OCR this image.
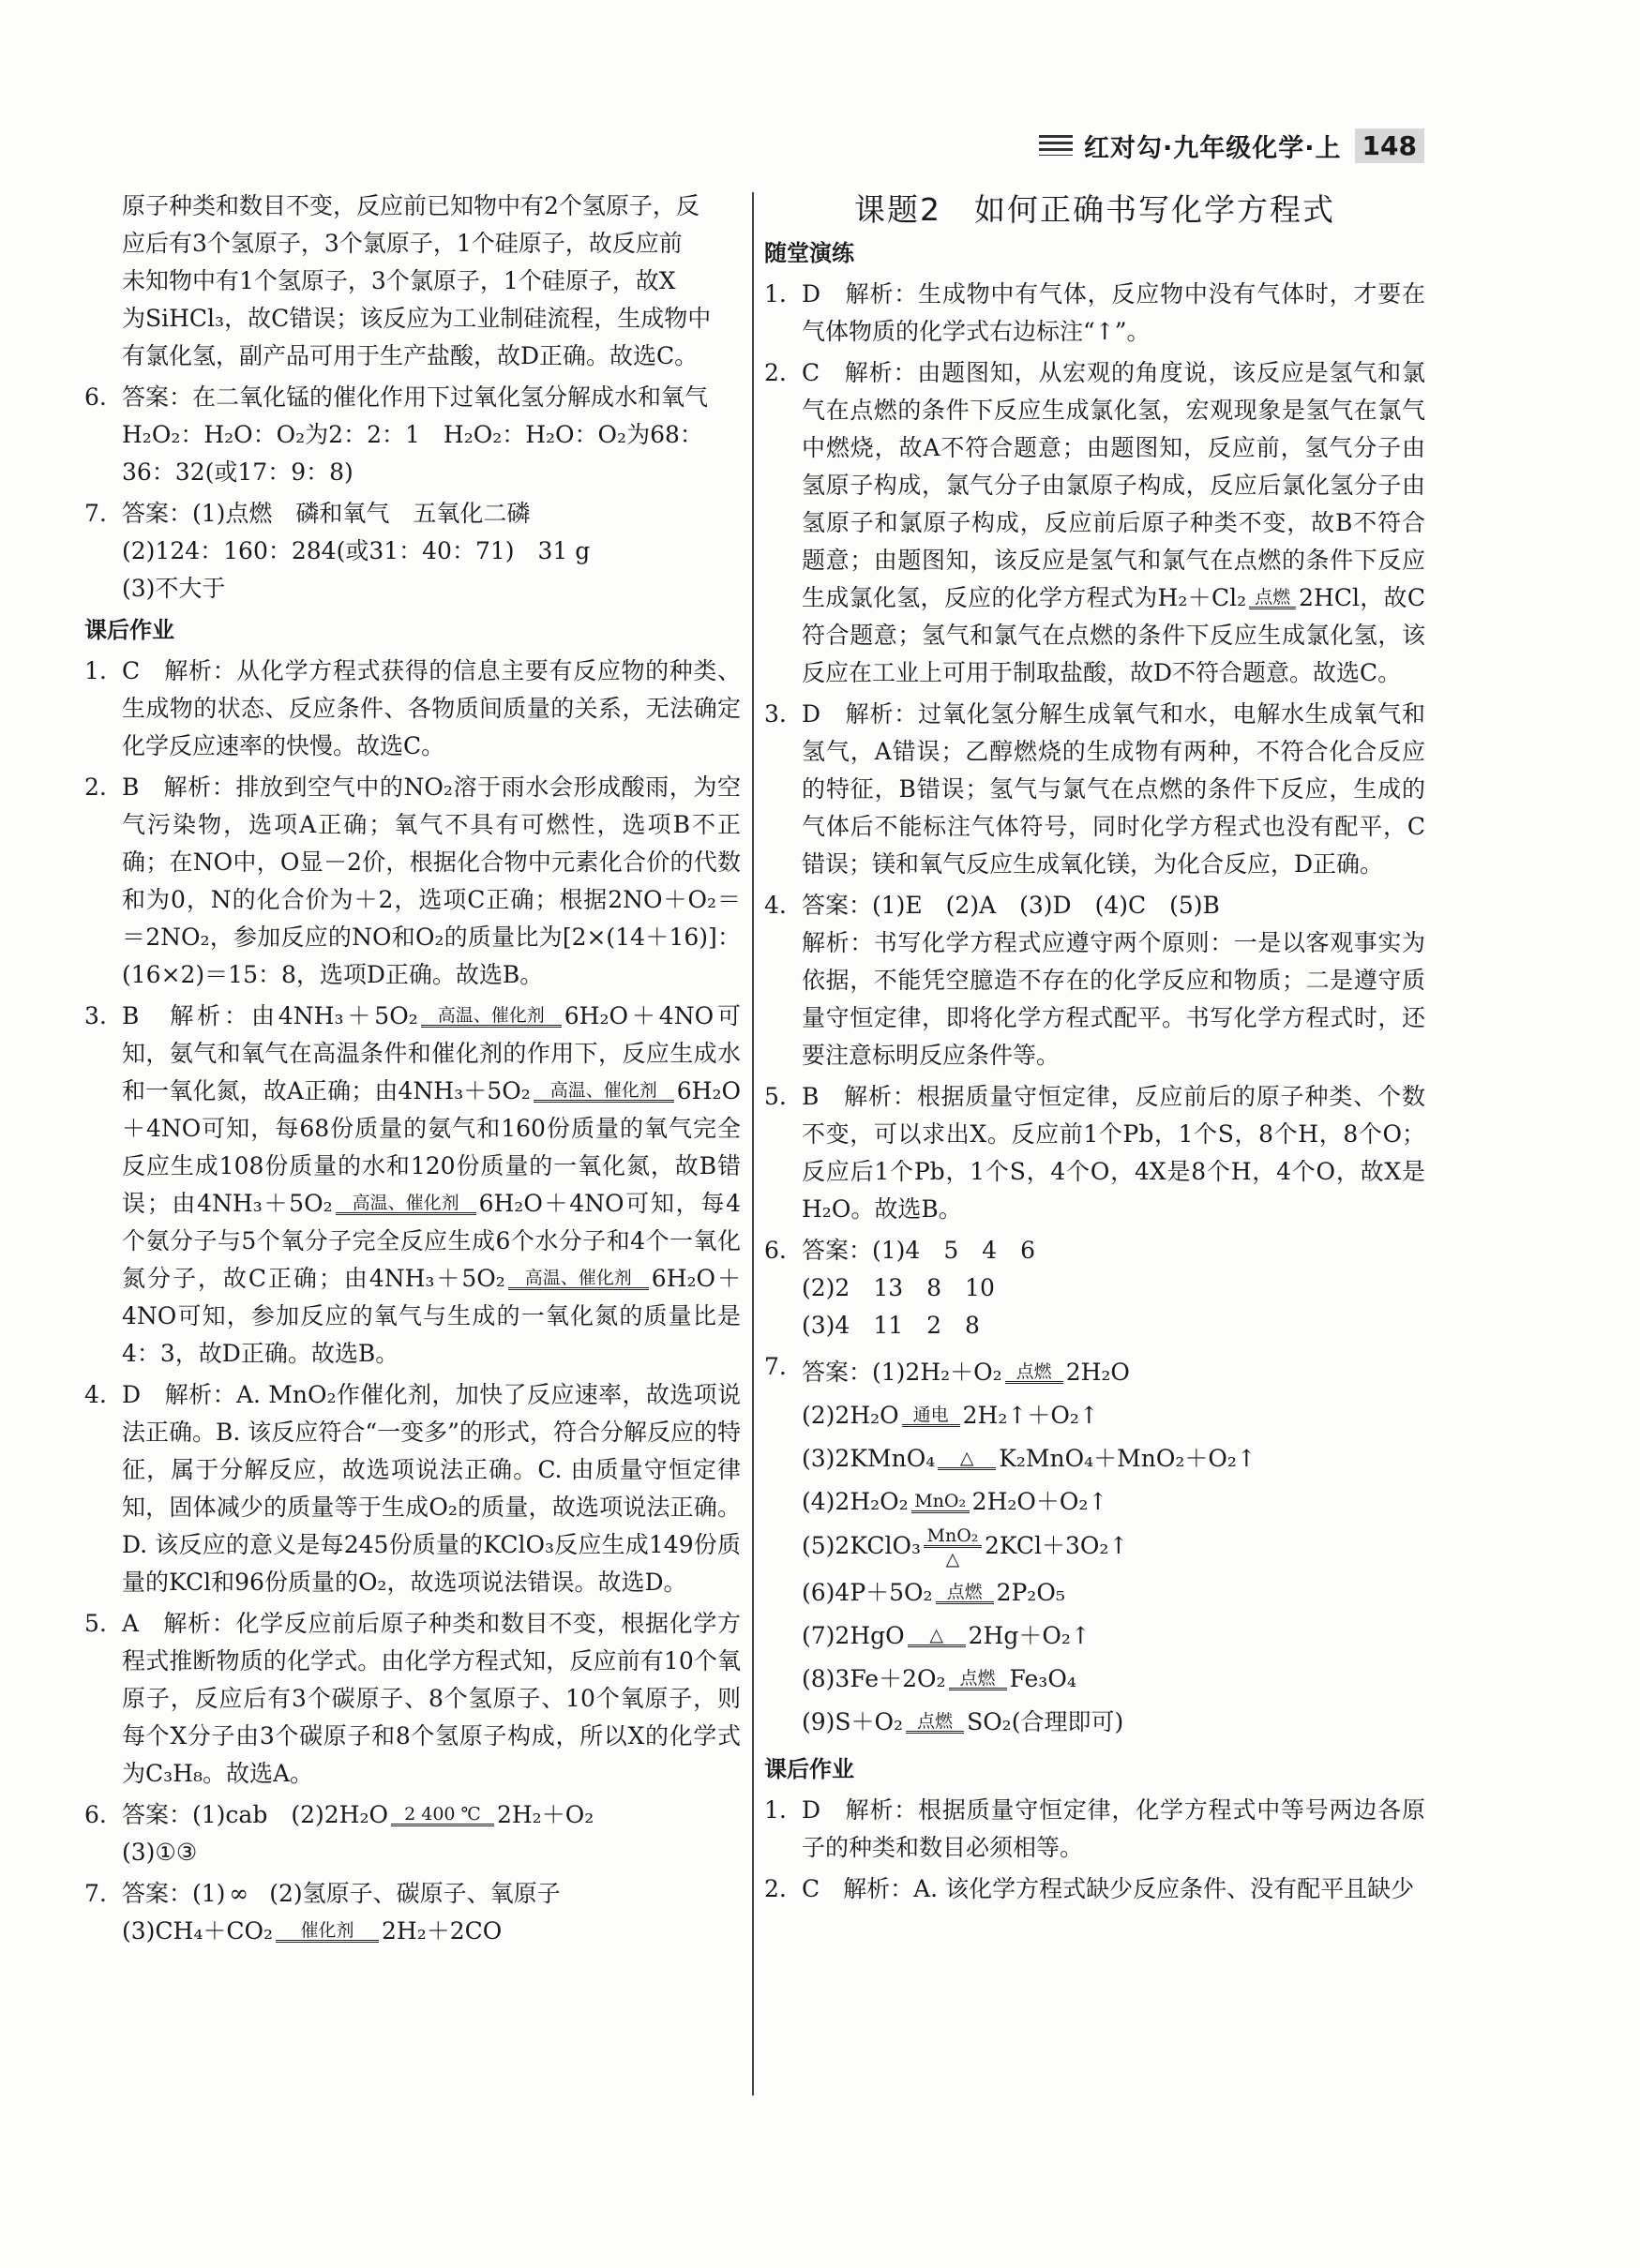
红对勾·九年级化学·上 148

原子种类和数目不变，反应前已知物中有2个氢原子，反

应后有3个氢原子，3个氯原子，1个硅原子，故反应前

未知物中有1个氢原子，3个氯原子，1个硅原子，故X

为SiHCl₃，故C错误；该反应为工业制硅流程，生成物中

有氯化氢，副产品可用于生产盐酸，故D正确。故选C。

6. 答案：在二氧化锰的催化作用下过氧化氢分解成水和氧气

H₂O₂：H₂O：O₂为2：2：1　H₂O₂：H₂O：O₂为68：

36：32(或17：9：8)

7. 答案：(1)点燃　磷和氧气　五氧化二磷

(2)124：160：284(或31：40：71)　31 g

(3)不大于

课后作业
1. C　解析：从化学方程式获得的信息主要有反应物的种类、生成物的状态、反应条件、各物质间质量的关系，无法确定化学反应速率的快慢。故选C。

2. B　解析：排放到空气中的NO₂溶于雨水会形成酸雨，为空气污染物，选项A正确；氧气不具有可燃性，选项B不正确；在NO中，O显－2价，根据化合物中元素化合价的代数和为0，N的化合价为＋2，选项C正确；根据2NO＋O₂＝＝2NO₂，参加反应的NO和O₂的质量比为[2×(14＋16)]：(16×2)＝15：8，选项D正确。故选B。

3. B　解析：由4NH₃＋5O₂ 高温、催化剂 6H₂O＋4NO可知，氨气和氧气在高温条件和催化剂的作用下，反应生成水和一氧化氮，故A正确；由4NH₃＋5O₂ 高温、催化剂 6H₂O＋4NO可知，每68份质量的氨气和160份质量的氧气完全反应生成108份质量的水和120份质量的一氧化氮，故B错误；由4NH₃＋5O₂ 高温、催化剂 6H₂O＋4NO可知，每4个氨分子与5个氧分子完全反应生成6个水分子和4个一氧化氮分子，故C正确；由4NH₃＋5O₂ 高温、催化剂 6H₂O＋4NO可知，参加反应的氧气与生成的一氧化氮的质量比是4：3，故D正确。故选B。

4. D　解析：A. MnO₂作催化剂，加快了反应速率，故选项说法正确。B. 该反应符合“一变多”的形式，符合分解反应的特征，属于分解反应，故选项说法正确。C. 由质量守恒定律知，固体减少的质量等于生成O₂的质量，故选项说法正确。D. 该反应的意义是每245份质量的KClO₃反应生成149份质量的KCl和96份质量的O₂，故选项说法错误。故选D。

5. A　解析：化学反应前后原子种类和数目不变，根据化学方程式推断物质的化学式。由化学方程式知，反应前有10个氧原子，反应后有3个碳原子、8个氢原子、10个氧原子，则每个X分子由3个碳原子和8个氢原子构成，所以X的化学式为C₃H₈。故选A。

6. 答案：(1)cab　(2)2H₂O 2 400 ℃ 2H₂＋O₂

(3)①③

7. 答案：(1) ∞ (2)氢原子、碳原子、氧原子

(3)CH₄＋CO₂ 催化剂 2H₂＋2CO

课题2　如何正确书写化学方程式
随堂演练
1. D　解析：生成物中有气体，反应物中没有气体时，才要在气体物质的化学式右边标注“↑”。

2. C　解析：由题图知，从宏观的角度说，该反应是氢气和氯气在点燃的条件下反应生成氯化氢，宏观现象是氢气在氯气中燃烧，故A不符合题意；由题图知，反应前，氢气分子由氢原子构成，氯气分子由氯原子构成，反应后氯化氢分子由氢原子和氯原子构成，反应前后原子种类不变，故B不符合题意；由题图知，该反应是氢气和氯气在点燃的条件下反应生成氯化氢，反应的化学方程式为H₂＋Cl₂ 点燃 2HCl，故C符合题意；氢气和氯气在点燃的条件下反应生成氯化氢，该反应在工业上可用于制取盐酸，故D不符合题意。故选C。

3. D　解析：过氧化氢分解生成氧气和水，电解水生成氧气和氢气，A错误；乙醇燃烧的生成物有两种，不符合化合反应的特征，B错误；氢气与氯气在点燃的条件下反应，生成的气体后不能标注气体符号，同时化学方程式也没有配平，C错误；镁和氧气反应生成氧化镁，为化合反应，D正确。

4. 答案：(1)E　(2)A　(3)D　(4)C　(5)B

解析：书写化学方程式应遵守两个原则：一是以客观事实为依据，不能凭空臆造不存在的化学反应和物质；二是遵守质量守恒定律，即将化学方程式配平。书写化学方程式时，还要注意标明反应条件等。

5. B　解析：根据质量守恒定律，反应前后的原子种类、个数不变，可以求出X。反应前1个Pb，1个S，8个H，8个O；反应后1个Pb，1个S，4个O，4X是8个H，4个O，故X是H₂O。故选B。

6. 答案：(1)4　5　4　6

(2)2　13　8　10

(3)4　11　2　8

7. 答案：(1)2H₂＋O₂ 点燃 2H₂O

(2)2H₂O 通电 2H₂↑＋O₂↑

(3)2KMnO₄ △ K₂MnO₄＋MnO₂＋O₂↑

(4)2H₂O₂ MnO₂ 2H₂O＋O₂↑

(5)2KClO₃ MnO₂
△ 2KCl＋3O₂↑

(6)4P＋5O₂ 点燃 2P₂O₅

(7)2HgO △ 2Hg＋O₂↑

(8)3Fe＋2O₂ 点燃 Fe₃O₄

(9)S＋O₂ 点燃 SO₂(合理即可)

课后作业
1. D　解析：根据质量守恒定律，化学方程式中等号两边各原子的种类和数目必须相等。

2. C　解析：A. 该化学方程式缺少反应条件、没有配平且缺少
